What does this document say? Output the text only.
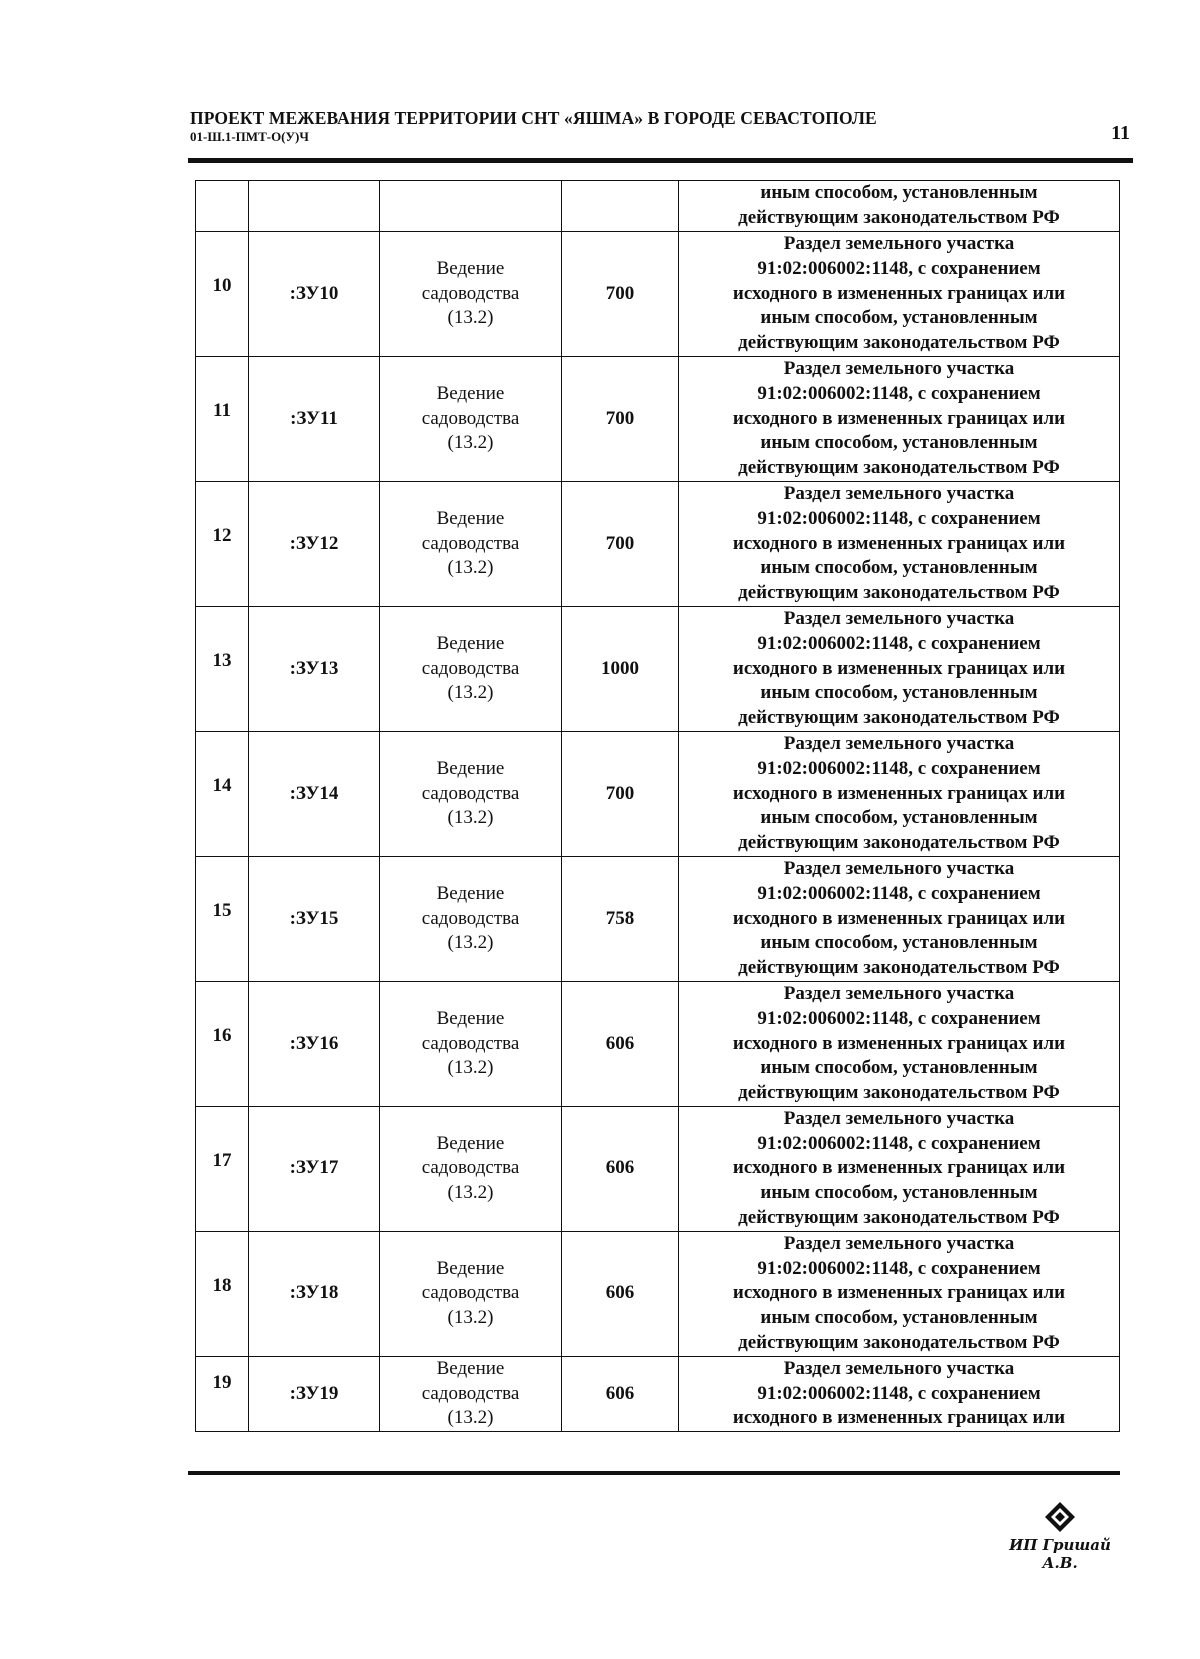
ПРОЕКТ МЕЖЕВАНИЯ ТЕРРИТОРИИ СНТ «ЯШМА» В ГОРОДЕ СЕВАСТОПОЛЕ
01-Ш.1-ПМТ-О(У)Ч	11

				иным способом, установленным
действующим законодательством РФ

10	:ЗУ10	Ведение
садоводства
(13.2)	700	Раздел земельного участка
91:02:006002:1148, с сохранением
исходного в измененных границах или
иным способом, установленным
действующим законодательством РФ

11	:ЗУ11	Ведение
садоводства
(13.2)	700	Раздел земельного участка
91:02:006002:1148, с сохранением
исходного в измененных границах или
иным способом, установленным
действующим законодательством РФ

12	:ЗУ12	Ведение
садоводства
(13.2)	700	Раздел земельного участка
91:02:006002:1148, с сохранением
исходного в измененных границах или
иным способом, установленным
действующим законодательством РФ

13	:ЗУ13	Ведение
садоводства
(13.2)	1000	Раздел земельного участка
91:02:006002:1148, с сохранением
исходного в измененных границах или
иным способом, установленным
действующим законодательством РФ

14	:ЗУ14	Ведение
садоводства
(13.2)	700	Раздел земельного участка
91:02:006002:1148, с сохранением
исходного в измененных границах или
иным способом, установленным
действующим законодательством РФ

15	:ЗУ15	Ведение
садоводства
(13.2)	758	Раздел земельного участка
91:02:006002:1148, с сохранением
исходного в измененных границах или
иным способом, установленным
действующим законодательством РФ

16	:ЗУ16	Ведение
садоводства
(13.2)	606	Раздел земельного участка
91:02:006002:1148, с сохранением
исходного в измененных границах или
иным способом, установленным
действующим законодательством РФ

17	:ЗУ17	Ведение
садоводства
(13.2)	606	Раздел земельного участка
91:02:006002:1148, с сохранением
исходного в измененных границах или
иным способом, установленным
действующим законодательством РФ

18	:ЗУ18	Ведение
садоводства
(13.2)	606	Раздел земельного участка
91:02:006002:1148, с сохранением
исходного в измененных границах или
иным способом, установленным
действующим законодательством РФ

19	:ЗУ19	Ведение
садоводства
(13.2)	606	Раздел земельного участка
91:02:006002:1148, с сохранением
исходного в измененных границах или
ИП Гришай А.В.
